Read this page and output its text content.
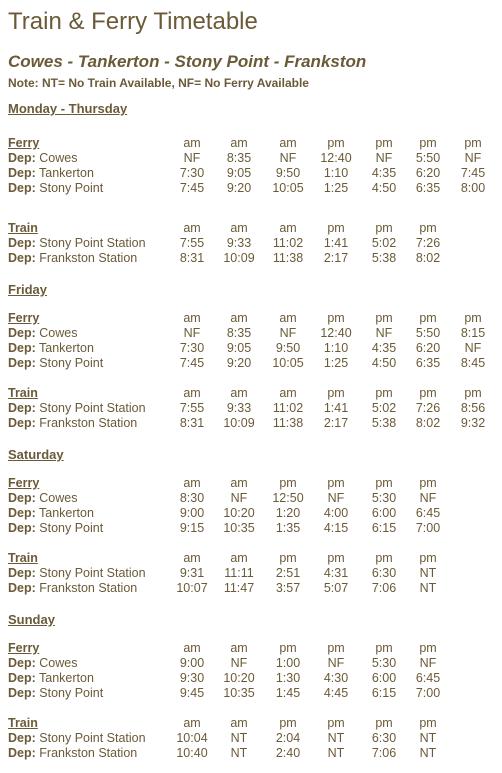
Train & Ferry Timetable
Cowes - Tankerton - Stony Point - Frankston
Note: NT= No Train Available, NF= No Ferry Available
Monday - Thursday
Ferry	am	am	am	pm	pm	pm	pm
Dep: Cowes	NF	8:35	NF	12:40	NF	5:50	NF
Dep: Tankerton	7:30	9:05	9:50	1:10	4:35	6:20	7:45
Dep: Stony Point	7:45	9:20	10:05	1:25	4:50	6:35	8:00
Train	am	am	am	pm	pm	pm
Dep: Stony Point Station	7:55	9:33	11:02	1:41	5:02	7:26
Dep: Frankston Station	8:31	10:09	11:38	2:17	5:38	8:02
Friday
Ferry	am	am	am	pm	pm	pm	pm
Dep: Cowes	NF	8:35	NF	12:40	NF	5:50	8:15
Dep: Tankerton	7:30	9:05	9:50	1:10	4:35	6:20	NF
Dep: Stony Point	7:45	9:20	10:05	1:25	4:50	6:35	8:45
Train	am	am	am	pm	pm	pm	pm
Dep: Stony Point Station	7:55	9:33	11:02	1:41	5:02	7:26	8:56
Dep: Frankston Station	8:31	10:09	11:38	2:17	5:38	8:02	9:32
Saturday
Ferry	am	am	pm	pm	pm	pm
Dep: Cowes	8:30	NF	12:50	NF	5:30	NF
Dep: Tankerton	9:00	10:20	1:20	4:00	6:00	6:45
Dep: Stony Point	9:15	10:35	1:35	4:15	6:15	7:00
Train	am	am	pm	pm	pm	pm
Dep: Stony Point Station	9:31	11:11	2:51	4:31	6:30	NT
Dep: Frankston Station	10:07	11:47	3:57	5:07	7:06	NT
Sunday
Ferry	am	am	pm	pm	pm	pm
Dep: Cowes	9:00	NF	1:00	NF	5:30	NF
Dep: Tankerton	9:30	10:20	1:30	4:30	6:00	6:45
Dep: Stony Point	9:45	10:35	1:45	4:45	6:15	7:00
Train	am	am	pm	pm	pm	pm
Dep: Stony Point Station	10:04	NT	2:04	NT	6:30	NT
Dep: Frankston Station	10:40	NT	2:40	NT	7:06	NT
